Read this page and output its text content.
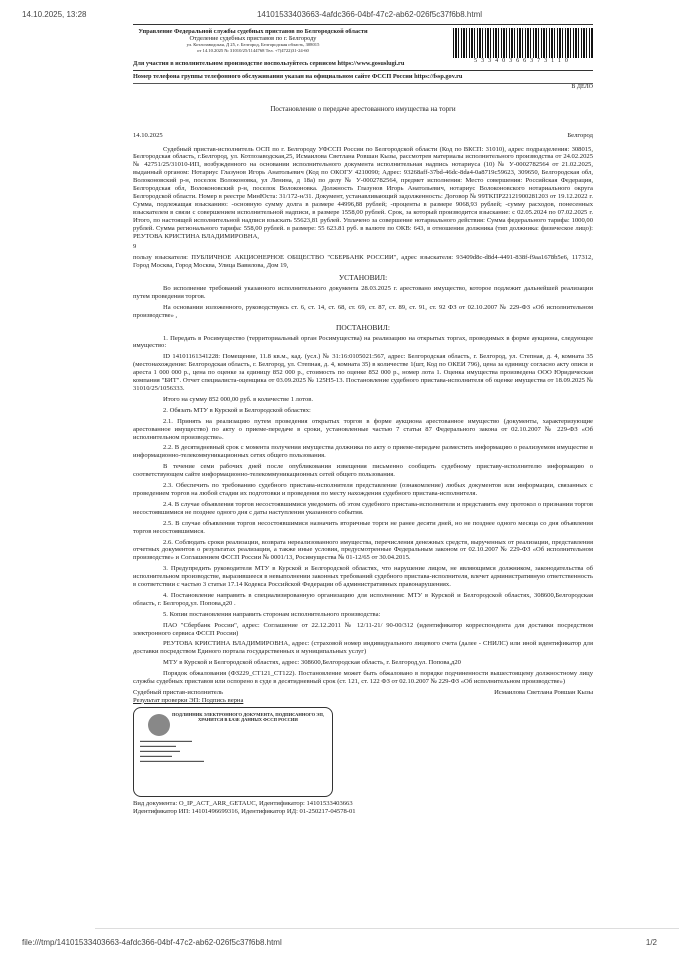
14.10.2025, 13:28	14101533403663-4afdc366-04bf-47c2-ab62-026f5c37f6b8.html
Управление Федеральной службы судебных приставов по Белгородской области
Отделение судебных приставов по г. Белгороду
ул. Котлозаводская, Д 25, г. Белгород, Белгородская область, 308015
от 14.10.2025 № 31010/25/1144768 Тел. +7(4722)31-24-60
53340366373110
Для участия в исполнительном производстве воспользуйтесь сервисом https://www.gosuslugi.ru
Номер телефона группы телефонного обслуживания указан на официальном сайте ФССП России https://fssp.gov.ru
В ДЕЛО
Постановление о передаче арестованного имущества на торги
14.10.2025	Белгород

Судебный пристав-исполнитель ОСП по г. Белгороду УФССП России по Белгородской области (Код по ВКСП: 31010), адрес подразделения: 308015, Белгородская область, г.Белгород, ул. Котлозаводская,25, Исмаилова Светлана Ровшан Кызы, рассмотрев материалы исполнительного производства от 24.02.2025 № 42751/25/31010-ИП, возбужденного на основании исполнительного документа исполнительная надпись нотариуса (10) № У-0002782564 от 21.02.2025, выданный органом: Нотариус Глазунов Игорь Анатольевич (Код по ОКОГУ 4210090; Адрес: 93268aff-37bd-46dc-8da4-0a8719c59623, 309650, Белгородская обл, Волоконовский р-н, поселок Волоконовка, ул Ленина, д 18а) по делу № У-0002782564, предмет исполнения: Место совершения: Российская Федерация, Белгородская обл, Волоконовский р-н, поселок Волоконовка. Должность Глазунов Игорь Анатольевич, нотариус Волоконовского нотариального округа Белгородской области. Номер в реестре МинЮста: 31/172-н/31. Документ, устанавливающий задолженность: Договор № 99TKПР22121900281203 от 19.12.2022 г. Сумма, подлежащая взысканию: -основную сумму долга в размере 44996,88 рублей; -проценты в размере 9068,93 рублей; -сумму расходов, понесенных взыскателем в связи с совершением исполнительной надписи, в размере 1558,00 рублей. Срок, за который производится взыскание: с 02.05.2024 по 07.02.2025 г. Итого, по настоящей исполнительной надписи взыскать 55623,81 рублей. Уплачено за совершение нотариального действия: Сумма федерального тарифа: 1000,00 рублей. Сумма регионального тарифа: 558,00 рублей. в размере: 55 623.81 руб. в валюте по ОКВ: 643, в отношении должника (тип должника: физическое лицо): РЕУТОВА КРИСТИНА ВЛАДИМИРОВНА,

9

пользу взыскателя: ПУБЛИЧНОЕ АКЦИОНЕРНОЕ ОБЩЕСТВО "СБЕРБАНК РОССИИ", адрес взыскателя: 93409d8c-d8d4-4491-838f-f9aa1678b5e6, 117312, Город Москва, Город Москва, Улица Вавилова, Дом 19,

УСТАНОВИЛ:

Во исполнение требований указанного исполнительного документа 28.03.2025 г. арестовано имущество, которое подлежит дальнейшей реализации путем проведения торгов.

На основании изложенного, руководствуясь ст. 6, ст. 14, ст. 68, ст. 69, ст. 87, ст. 89, ст. 91, ст. 92 ФЗ от 02.10.2007 № 229-ФЗ «Об исполнительном производстве» ,

ПОСТАНОВИЛ:

1. Передать в Росимущество (территориальный орган Росимущества) на реализацию на открытых торгах, проводимых в форме аукциона, следующее имущество:

ID 14101161341228: Помещение, 11.8 кв.м., кад. (усл.) № 31:16:0105021:567, адрес: Белгородская область, г. Белгород, ул. Степная, д. 4, комната 35 (местонахождение: Белгородская область, г. Белгород, ул. Степная, д. 4, комната 35) в количестве 1(шт, Код по ОКЕИ 796), цена за единицу согласно акту описи и ареста 1 000 000 р., цена по оценке за единицу 852 000 р., стоимость по оценке 852 000 р., номер лота 1. Оценка имущества произведена ООО Юридическая компания "БИТ". Отчет специалиста-оценщика от 03.09.2025 № 125Н5-13. Постановление судебного пристава-исполнителя об оценке имущества от 18.09.2025 № 31010/25/1056333.

Итого на сумму 852 000,00 руб. в количестве 1 лотов.

2. Обязать МТУ в Курской и Белгородской областях:

2.1. Принять на реализацию путем проведения открытых торгов в форме аукциона арестованное имущество (документы, характеризующие арестованное имущество) по акту о приеме-передаче в сроки, установленные частью 7 статьи 87 Федерального закона от 02.10.2007 № 229-ФЗ «Об исполнительном производстве».

2.2. В десятидневный срок с момента получения имущества должника по акту о приеме-передаче разместить информацию о реализуемом имуществе в информационно-телекоммуникационных сетях общего пользования.

В течение семи рабочих дней после опубликования извещения письменно сообщить судебному приставу-исполнителю информацию о соответствующем сайте информационно-телекоммуникационных сетей общего пользования.

2.3. Обеспечить по требованию судебного пристава-исполнителя представление (ознакомление) любых документов или информации, связанных с проведением торгов на любой стадии их подготовки и проведения по месту нахождения судебного пристава-исполнителя.

2.4. В случае объявления торгов несостоявшимися уведомить об этом судебного пристава-исполнителя и представить ему протокол о признании торгов несостоявшимися не позднее одного дня с даты наступления указанного события.

2.5. В случае объявления торгов несостоявшимися назначить вторичные торги не ранее десяти дней, но не позднее одного месяца со дня объявления торгов несостоявшимися.

2.6. Соблюдать сроки реализации, возврата нереализованного имущества, перечисления денежных средств, вырученных от реализации, представления отчетных документов о результатах реализации, а также иные условия, предусмотренные Федеральным законом от 02.10.2007 № 229-ФЗ «Об исполнительном производстве» и Соглашением ФССП России № 0001/13, Росимущества № 01-12/65 от 30.04.2015.

3. Предупредить руководителя МТУ в Курской и Белгородской областях, что нарушение лицом, не являющимся должником, законодательства об исполнительном производстве, выразившееся в невыполнении законных требований судебного пристава-исполнителя, влечет административную ответственность в соответствии с частью 3 статьи 17.14 Кодекса Российской Федерации об административных правонарушениях.

4. Постановление направить в специализированную организацию для исполнения: МТУ в Курской и Белгородской областях, 308600,Белгородская область, г. Белгород,ул. Попова,д20 .

5. Копии постановления направить сторонам исполнительного производства:

ПАО "Сбербанк России", адрес: Соглашение от 22.12.2011 № 12/11-21/ 90-00/312 (идентификатор корреспондента для доставки посредством электронного сервиса ФССП России)

РЕУТОВА КРИСТИНА ВЛАДИМИРОВНА, адрес: (страховой номер индивидуального лицевого счета (далее - СНИЛС) или иной идентификатор для доставки посредством Единого портала государственных и муниципальных услуг)

МТУ в Курской и Белгородской областях, адрес: 308600,Белгородская область, г. Белгород,ул. Попова,д20

Порядок обжалования (ФЗ229_СТ121_СТ122). Постановление может быть обжаловано в порядке подчиненности вышестоящему должностному лицу службы судебных приставов или оспорено в суде в десятидневный срок (ст. 121, ст. 122 ФЗ от 02.10.2007 № 229-ФЗ «Об исполнительном производстве»)

Судебный пристав-исполнитель	Исмаилова Светлана Ровшан Кызы
Результат проверки ЭП: Подпись верна
ПОДЛИННИК ЭЛЕКТРОННОГО ДОКУМЕНТА, ПОДПИСАННОГО ЭП, ХРАНИТСЯ В БАЗЕ ДАННЫХ ФССП РОССИИ
▬▬▬▬▬▬▬▬▬▬▬▬▬
▬▬▬▬▬▬▬▬▬
▬▬▬▬▬▬▬▬▬▬
▬▬▬▬▬▬▬▬
▬▬▬▬▬▬▬▬▬▬▬▬▬▬▬▬
Вид документа: O_IP_ACT_ARR_GETAUC, Идентификатор: 14101533403663
Идентификатор ИП: 14101496699316, Идентификатор ИД: 01-250217-04578-01
file:///tmp/14101533403663-4afdc366-04bf-47c2-ab62-026f5c37f6b8.html	1/2
